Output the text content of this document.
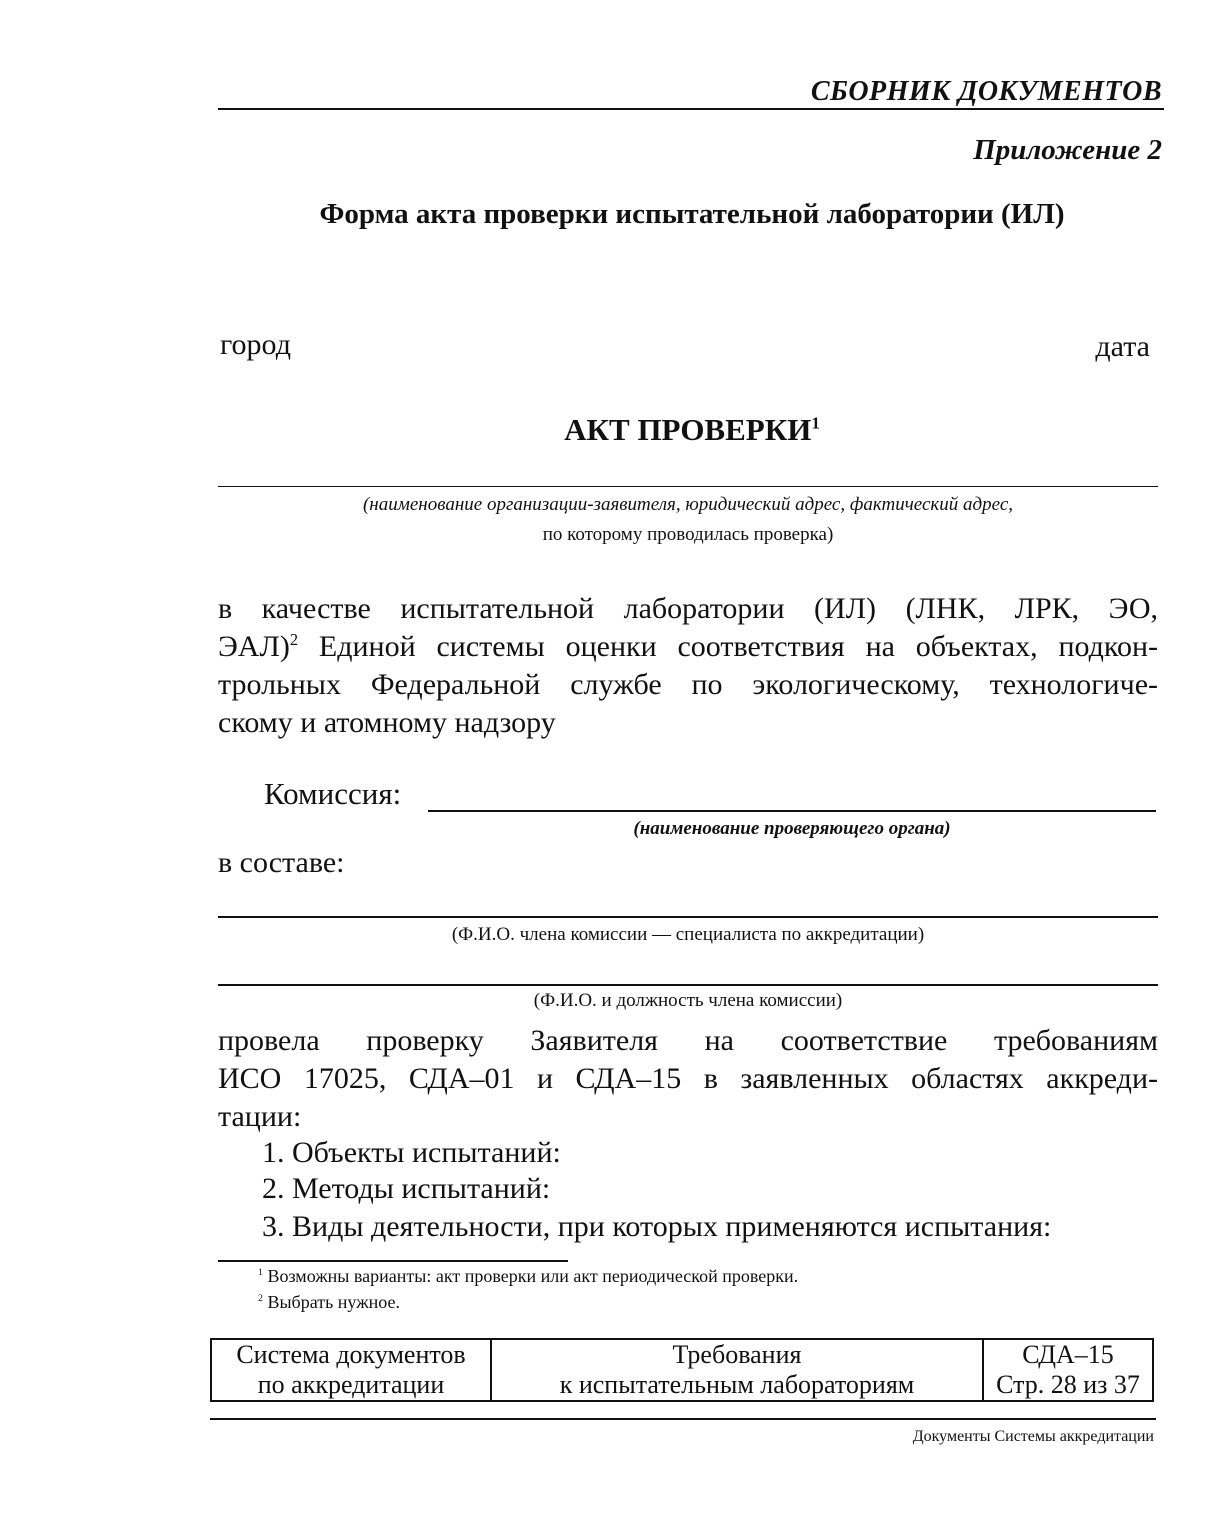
СБОРНИК ДОКУМЕНТОВ
Приложение 2
Форма акта проверки испытательной лаборатории (ИЛ)
город	дата
АКТ ПРОВЕРКИ$^1$
(наименование организации-заявителя, юридический адрес, фактический адрес,
по которому проводилась проверка)

в качестве испытательной лаборатории (ИЛ) (ЛНК, ЛРК, ЭО,

ЭАЛ)$^2$ Единой системы оценки соответствия на объектах, подкон-

трольных Федеральной службе по экологическому, технологиче-

скому и атомному надзору

Комиссия:
(наименование проверяющего органа)
в составе:
(Ф.И.О. члена комиссии — специалиста по аккредитации)
(Ф.И.О. и должность члена комиссии)

провела проверку Заявителя на соответствие требованиям

ИСО 17025, СДА–01 и СДА–15 в заявленных областях аккреди-

тации:

1. Объекты испытаний:
2. Методы испытаний:
3. Виды деятельности, при которых применяются испытания:
$^1$ Возможны варианты: акт проверки или акт периодической проверки.
$^2$ Выбрать нужное.
Система документов
по аккредитации

Требования
к испытательным лабораториям

СДА–15
Стр. 28 из 37
Документы Системы аккредитации
